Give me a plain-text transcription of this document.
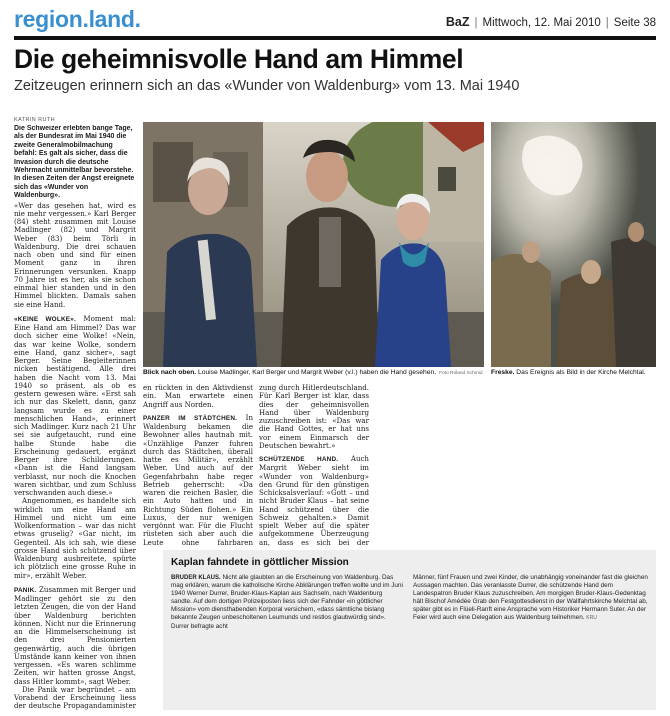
region.land.	BaZ | Mittwoch, 12. Mai 2010 | Seite 38
Die geheimnisvolle Hand am Himmel
Zeitzeugen erinnern sich an das «Wunder von Waldenburg» vom 13. Mai 1940
KATRIN RUTH

Die Schweizer erlebten bange Tage, als der Bundesrat im Mai 1940 die zweite Generalmobilmachung befahl: Es galt als sicher, dass die Invasion durch die deutsche Wehrmacht unmittelbar bevorstehe. In diesen Zeiten der Angst ereignete sich das «Wunder von Waldenburg».

«Wer das gesehen hat, wird es nie mehr vergessen.» Karl Berger (84) steht zusammen mit Louise Madlinger (82) und Margrit Weber (83) beim Törli in Waldenburg. Die drei schauen nach oben und sind für einen Moment ganz in ihren Erinnerungen versunken. Knapp 70 Jahre ist es her, als sie schon einmal hier standen und in den Himmel blickten. Damals sahen sie eine Hand.

«KEINE WOLKE». Moment mal: Eine Hand am Himmel? Das war doch sicher eine Wolke! «Nein, das war keine Wolke, sondern eine Hand, ganz sicher», sagt Berger. Seine Begleiterinnen nicken bestätigend. Alle drei haben die Nacht vom 13. Mai 1940 so präsent, als ob es gestern gewesen wäre. «Erst sah ich nur das Skelett, dann, ganz langsam wurde es zu einer menschlichen Hand», erinnert sich Madlinger. Kurz nach 21 Uhr sei sie aufgetaucht, rund eine halbe Stunde habe die Erscheinung gedauert, ergänzt Berger ihre Schilderungen. «Dann ist die Hand langsam verblasst, nur noch die Knochen waren sichtbar, und zum Schluss verschwanden auch diese.»

Angenommen, es handelte sich wirklich um eine Hand am Himmel und nicht um eine Wolkenformation – war das nicht etwas gruselig? «Gar nicht, im Gegenteil. Als ich sah, wie diese grosse Hand sich schützend über Waldenburg ausbreitete, spürte ich plötzlich eine grosse Ruhe in mir», erzählt Weber.

PANIK. Zusammen mit Berger und Madlinger gehört sie zu den letzten Zeugen, die von der Hand über Waldenburg berichten können. Nicht nur die Erinnerung an die Himmelserscheinung ist den drei Pensionierten gegenwärtig, auch die übrigen Umstände kann keiner von ihnen vergessen. «Es waren schlimme Zeiten, wir hatten grosse Angst, dass Hitler kommt», sagt Weber.

Die Panik war begründet – am Vorabend der Erscheinung liess der deutsche Propagandaminister

Blick nach oben. Louise Madlinger, Karl Berger und Margrit Weber (v.l.) haben die Hand gesehen. Foto Roland Schmid Freske. Das Ereignis als Bild in der Kirche Melchtal.

en rückten in den Aktivdienst ein. Man erwartete einen Angriff aus Norden.

PANZER IM STÄDTCHEN. In Waldenburg bekamen die Bewohner alles hautnah mit. «Unzählige Panzer fuhren durch das Städtchen, überall hatte es Militär», erzählt Weber. Und auch auf der Gegenfahrbahn habe reger Betrieb geherrscht: «Da waren die reichen Basler, die ein Auto hatten und in Richtung Süden flohen.» Ein Luxus, der nur wenigen vergönnt war. Für die Flucht rüsteten sich aber auch die Leute ohne fahrbaren

zung durch Hitlerdeutschland. Für Karl Berger ist klar, dass dies der geheimnisvollen Hand über Waldenburg zuzuschreiben ist: «Das war die Hand Gottes, er hat uns vor einem Einmarsch der Deutschen bewahrt.»

SCHÜTZENDE HAND. Auch Margrit Weber sieht im «Wunder von Waldenburg» den Grund für den günstigen Schicksalsverlauf: «Gott – und nicht Bruder Klaus – hat seine Hand schützend über die Schweiz gehalten.» Damit spielt Weber auf die später aufgekommene Überzeugung an, dass es sich bei der

Kaplan fahndete in göttlicher Mission
BRUDER KLAUS. Nicht alle glaubten an die Erscheinung von Waldenburg. Das mag erklären, warum die katholische Kirche Abklärungen treffen wollte und im Juni 1940 Werner Durrer, Bruder-Klaus-Kaplan aus Sachseln, nach Waldenburg sandte. Auf dem dortigen Polizeiposten liess sich der Fahnder «in göttlicher Mission» vom diensthabenden Korporal versichern, «dass sämtliche bislang bekannte Zeugen unbescholtenen Leumunds und restlos glaubwürdig sind». Durrer befragte acht
Männer, fünf Frauen und zwei Kinder, die unabhängig voneinander fast die gleichen Aussagen machten. Das veranlasste Durrer, die schützende Hand dem Landespatron Bruder Klaus zuzuschreiben. Am morgigen Bruder-Klaus-Gedenktag hält Bischof Amédée Grab den Festgottesdienst in der Wallfahrtskirche Melchtal ab, später gibt es in Flüeli-Ranft eine Ansprache vom Historiker Hermann Suter. An der Feier wird auch eine Delegation aus Waldenburg teilnehmen. KRU
